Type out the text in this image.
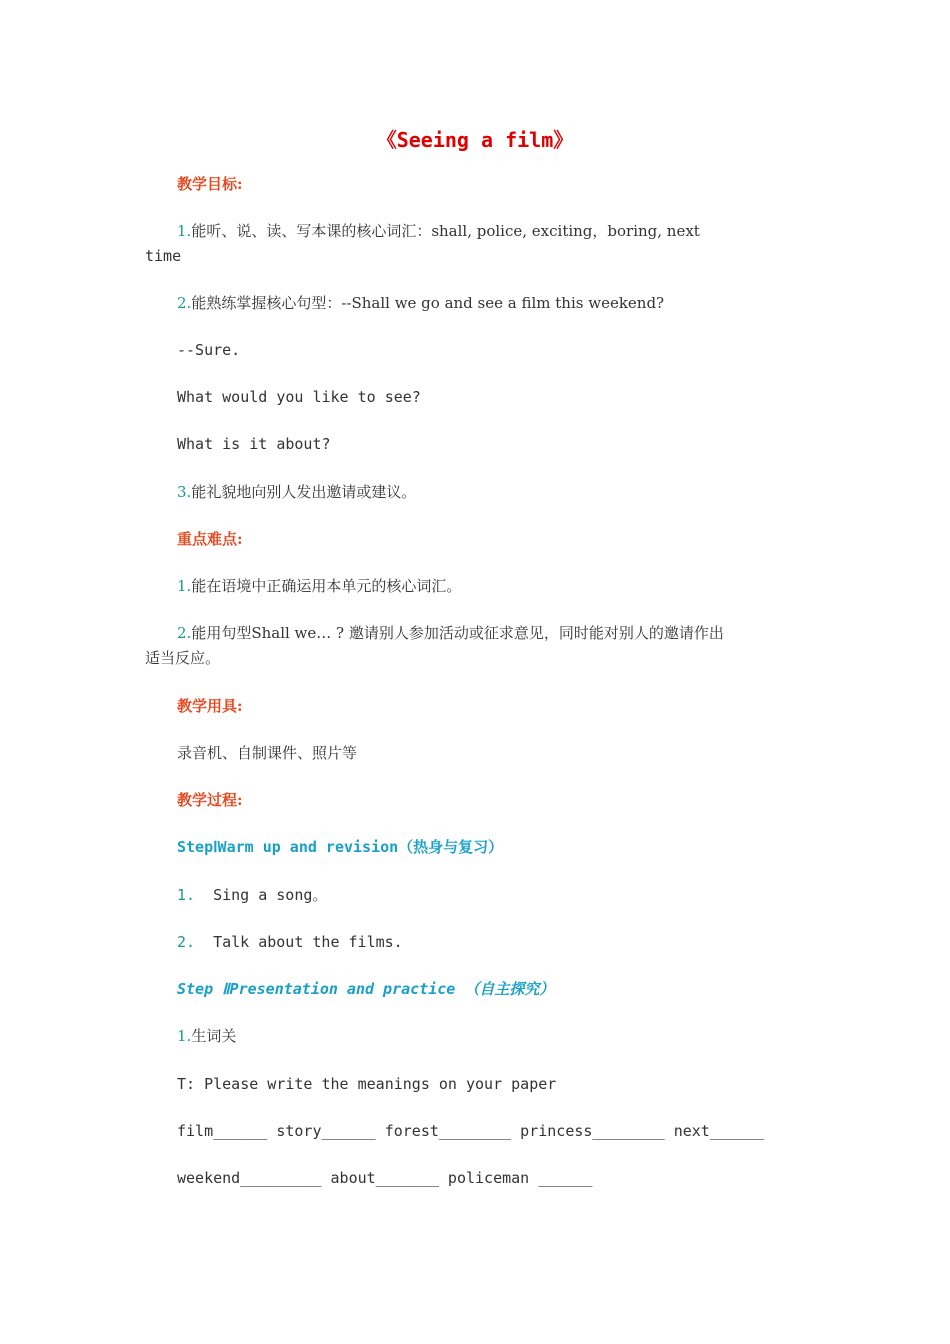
《Seeing a film》
教学目标:
1.能听、说、读、写本课的核心词汇：shall, police, exciting，boring, next
time
2.能熟练掌握核心句型：--Shall we go and see a film this weekend?
--Sure.
What would you like to see?
What is it about?
3.能礼貌地向别人发出邀请或建议。
重点难点:
1.能在语境中正确运用本单元的核心词汇。
2.能用句型Shall we… ? 邀请别人参加活动或征求意见，同时能对别人的邀请作出
适当反应。
教学用具:
录音机、自制课件、照片等
教学过程:
StepⅠWarm up and revision（热身与复习）
1. Sing a song。
2. Talk about the films.
Step ⅡPresentation and practice （自主探究）
1.生词关
T: Please write the meanings on your paper
film______ story______ forest________ princess________ next______
weekend_________ about_______ policeman ______
